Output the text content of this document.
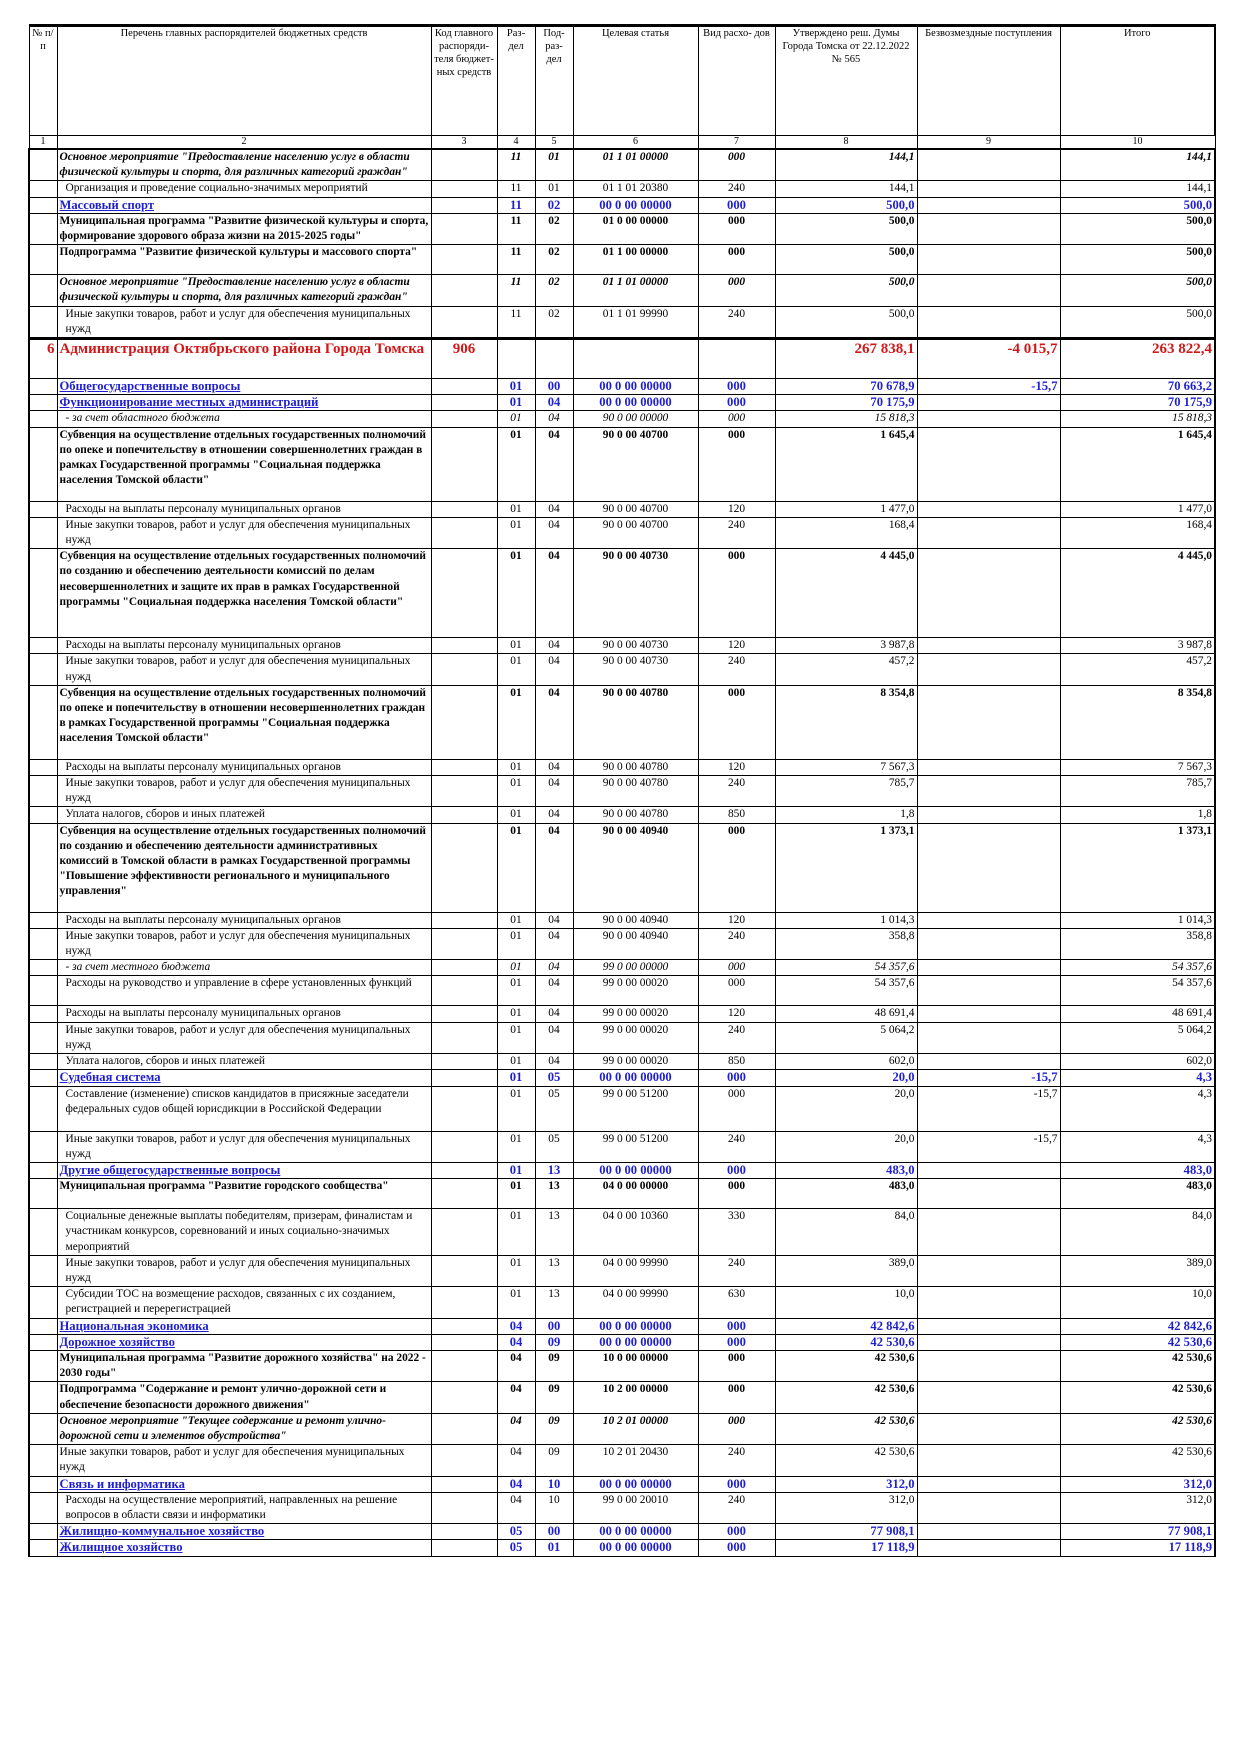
№ п/п	Перечень главных распорядителей бюджетных средств	Код главного распоряди- теля бюджет- ных средств	Раз- дел	Под- раз- дел	Целевая статья	Вид расхо- дов	Утверждено реш. Думы Города Томска от 22.12.2022 № 565	Безвозмездные поступления	Итого
1	2	3	4	5	6	7	8	9	10
	Основное мероприятие "Предоставление населению услуг в области физической культуры и спорта, для различных категорий граждан"		11	01	01 1 01 00000	000	144,1		144,1
	Организация и проведение социально-значимых мероприятий		11	01	01 1 01 20380	240	144,1		144,1
	Массовый спорт		11	02	00 0 00 00000	000	500,0		500,0
	Муниципальная программа "Развитие физической культуры и спорта, формирование здорового образа жизни на 2015-2025 годы"		11	02	01 0 00 00000	000	500,0		500,0
	Подпрограмма "Развитие физической культуры и массового спорта"		11	02	01 1 00 00000	000	500,0		500,0
	Основное мероприятие "Предоставление населению услуг в области физической культуры и спорта, для различных категорий граждан"		11	02	01 1 01 00000	000	500,0		500,0
	Иные закупки товаров, работ и услуг для обеспечения муниципальных нужд		11	02	01 1 01 99990	240	500,0		500,0
6	Администрация Октябрьского района Города Томска	906					267 838,1	-4 015,7	263 822,4
	Общегосударственные вопросы		01	00	00 0 00 00000	000	70 678,9	-15,7	70 663,2
	Функционирование местных администраций		01	04	00 0 00 00000	000	70 175,9		70 175,9
	- за счет областного бюджета		01	04	90 0 00 00000	000	15 818,3		15 818,3
	Субвенция на осуществление отдельных государственных полномочий по опеке и попечительству в отношении совершеннолетних граждан в рамках Государственной программы "Социальная поддержка населения Томской области"		01	04	90 0 00 40700	000	1 645,4		1 645,4
	Расходы на выплаты персоналу муниципальных органов		01	04	90 0 00 40700	120	1 477,0		1 477,0
	Иные закупки товаров, работ и услуг для обеспечения муниципальных нужд		01	04	90 0 00 40700	240	168,4		168,4
	Субвенция на осуществление отдельных государственных полномочий по созданию и обеспечению деятельности комиссий по делам несовершеннолетних и защите их прав в рамках Государственной программы "Социальная поддержка населения Томской области"		01	04	90 0 00 40730	000	4 445,0		4 445,0
	Расходы на выплаты персоналу муниципальных органов		01	04	90 0 00 40730	120	3 987,8		3 987,8
	Иные закупки товаров, работ и услуг для обеспечения муниципальных нужд		01	04	90 0 00 40730	240	457,2		457,2
	Субвенция на осуществление отдельных государственных полномочий по опеке и попечительству в отношении несовершеннолетних граждан в рамках Государственной программы "Социальная поддержка населения Томской области"		01	04	90 0 00 40780	000	8 354,8		8 354,8
	Расходы на выплаты персоналу муниципальных органов		01	04	90 0 00 40780	120	7 567,3		7 567,3
	Иные закупки товаров, работ и услуг для обеспечения муниципальных нужд		01	04	90 0 00 40780	240	785,7		785,7
	Уплата налогов, сборов и иных платежей		01	04	90 0 00 40780	850	1,8		1,8
	Субвенция на осуществление отдельных государственных полномочий по созданию и обеспечению деятельности административных комиссий в Томской области в рамках Государственной программы "Повышение эффективности регионального и муниципального управления"		01	04	90 0 00 40940	000	1 373,1		1 373,1
	Расходы на выплаты персоналу муниципальных органов		01	04	90 0 00 40940	120	1 014,3		1 014,3
	Иные закупки товаров, работ и услуг для обеспечения муниципальных нужд		01	04	90 0 00 40940	240	358,8		358,8
	- за счет местного бюджета		01	04	99 0 00 00000	000	54 357,6		54 357,6
	Расходы на руководство и управление в сфере установленных функций		01	04	99 0 00 00020	000	54 357,6		54 357,6
	Расходы на выплаты персоналу муниципальных органов		01	04	99 0 00 00020	120	48 691,4		48 691,4
	Иные закупки товаров, работ и услуг для обеспечения муниципальных нужд		01	04	99 0 00 00020	240	5 064,2		5 064,2
	Уплата налогов, сборов и иных платежей		01	04	99 0 00 00020	850	602,0		602,0
	Судебная система		01	05	00 0 00 00000	000	20,0	-15,7	4,3
	Составление (изменение) списков кандидатов в присяжные заседатели федеральных судов общей юрисдикции в Российской Федерации		01	05	99 0 00 51200	000	20,0	-15,7	4,3
	Иные закупки товаров, работ и услуг для обеспечения муниципальных нужд		01	05	99 0 00 51200	240	20,0	-15,7	4,3
	Другие общегосударственные вопросы		01	13	00 0 00 00000	000	483,0		483,0
	Муниципальная программа "Развитие городского сообщества"		01	13	04 0 00 00000	000	483,0		483,0
	Социальные денежные выплаты победителям, призерам, финалистам и участникам конкурсов, соревнований и иных социально-значимых мероприятий		01	13	04 0 00 10360	330	84,0		84,0
	Иные закупки товаров, работ и услуг для обеспечения муниципальных нужд		01	13	04 0 00 99990	240	389,0		389,0
	Субсидии ТОС на возмещение расходов, связанных с их созданием, регистрацией и перерегистрацией		01	13	04 0 00 99990	630	10,0		10,0
	Национальная экономика		04	00	00 0 00 00000	000	42 842,6		42 842,6
	Дорожное хозяйство		04	09	00 0 00 00000	000	42 530,6		42 530,6
	Муниципальная программа "Развитие дорожного хозяйства" на 2022 - 2030 годы"		04	09	10 0 00 00000	000	42 530,6		42 530,6
	Подпрограмма "Содержание и ремонт улично-дорожной сети и обеспечение безопасности дорожного движения"		04	09	10 2 00 00000	000	42 530,6		42 530,6
	Основное мероприятие "Текущее содержание и ремонт улично-дорожной сети и элементов обустройства"		04	09	10 2 01 00000	000	42 530,6		42 530,6
	Иные закупки товаров, работ и услуг для обеспечения муниципальных нужд		04	09	10 2 01 20430	240	42 530,6		42 530,6
	Связь и информатика		04	10	00 0 00 00000	000	312,0		312,0
	Расходы на осуществление мероприятий, направленных на решение вопросов в области связи и информатики		04	10	99 0 00 20010	240	312,0		312,0
	Жилищно-коммунальное хозяйство		05	00	00 0 00 00000	000	77 908,1		77 908,1
	Жилищное хозяйство		05	01	00 0 00 00000	000	17 118,9		17 118,9
